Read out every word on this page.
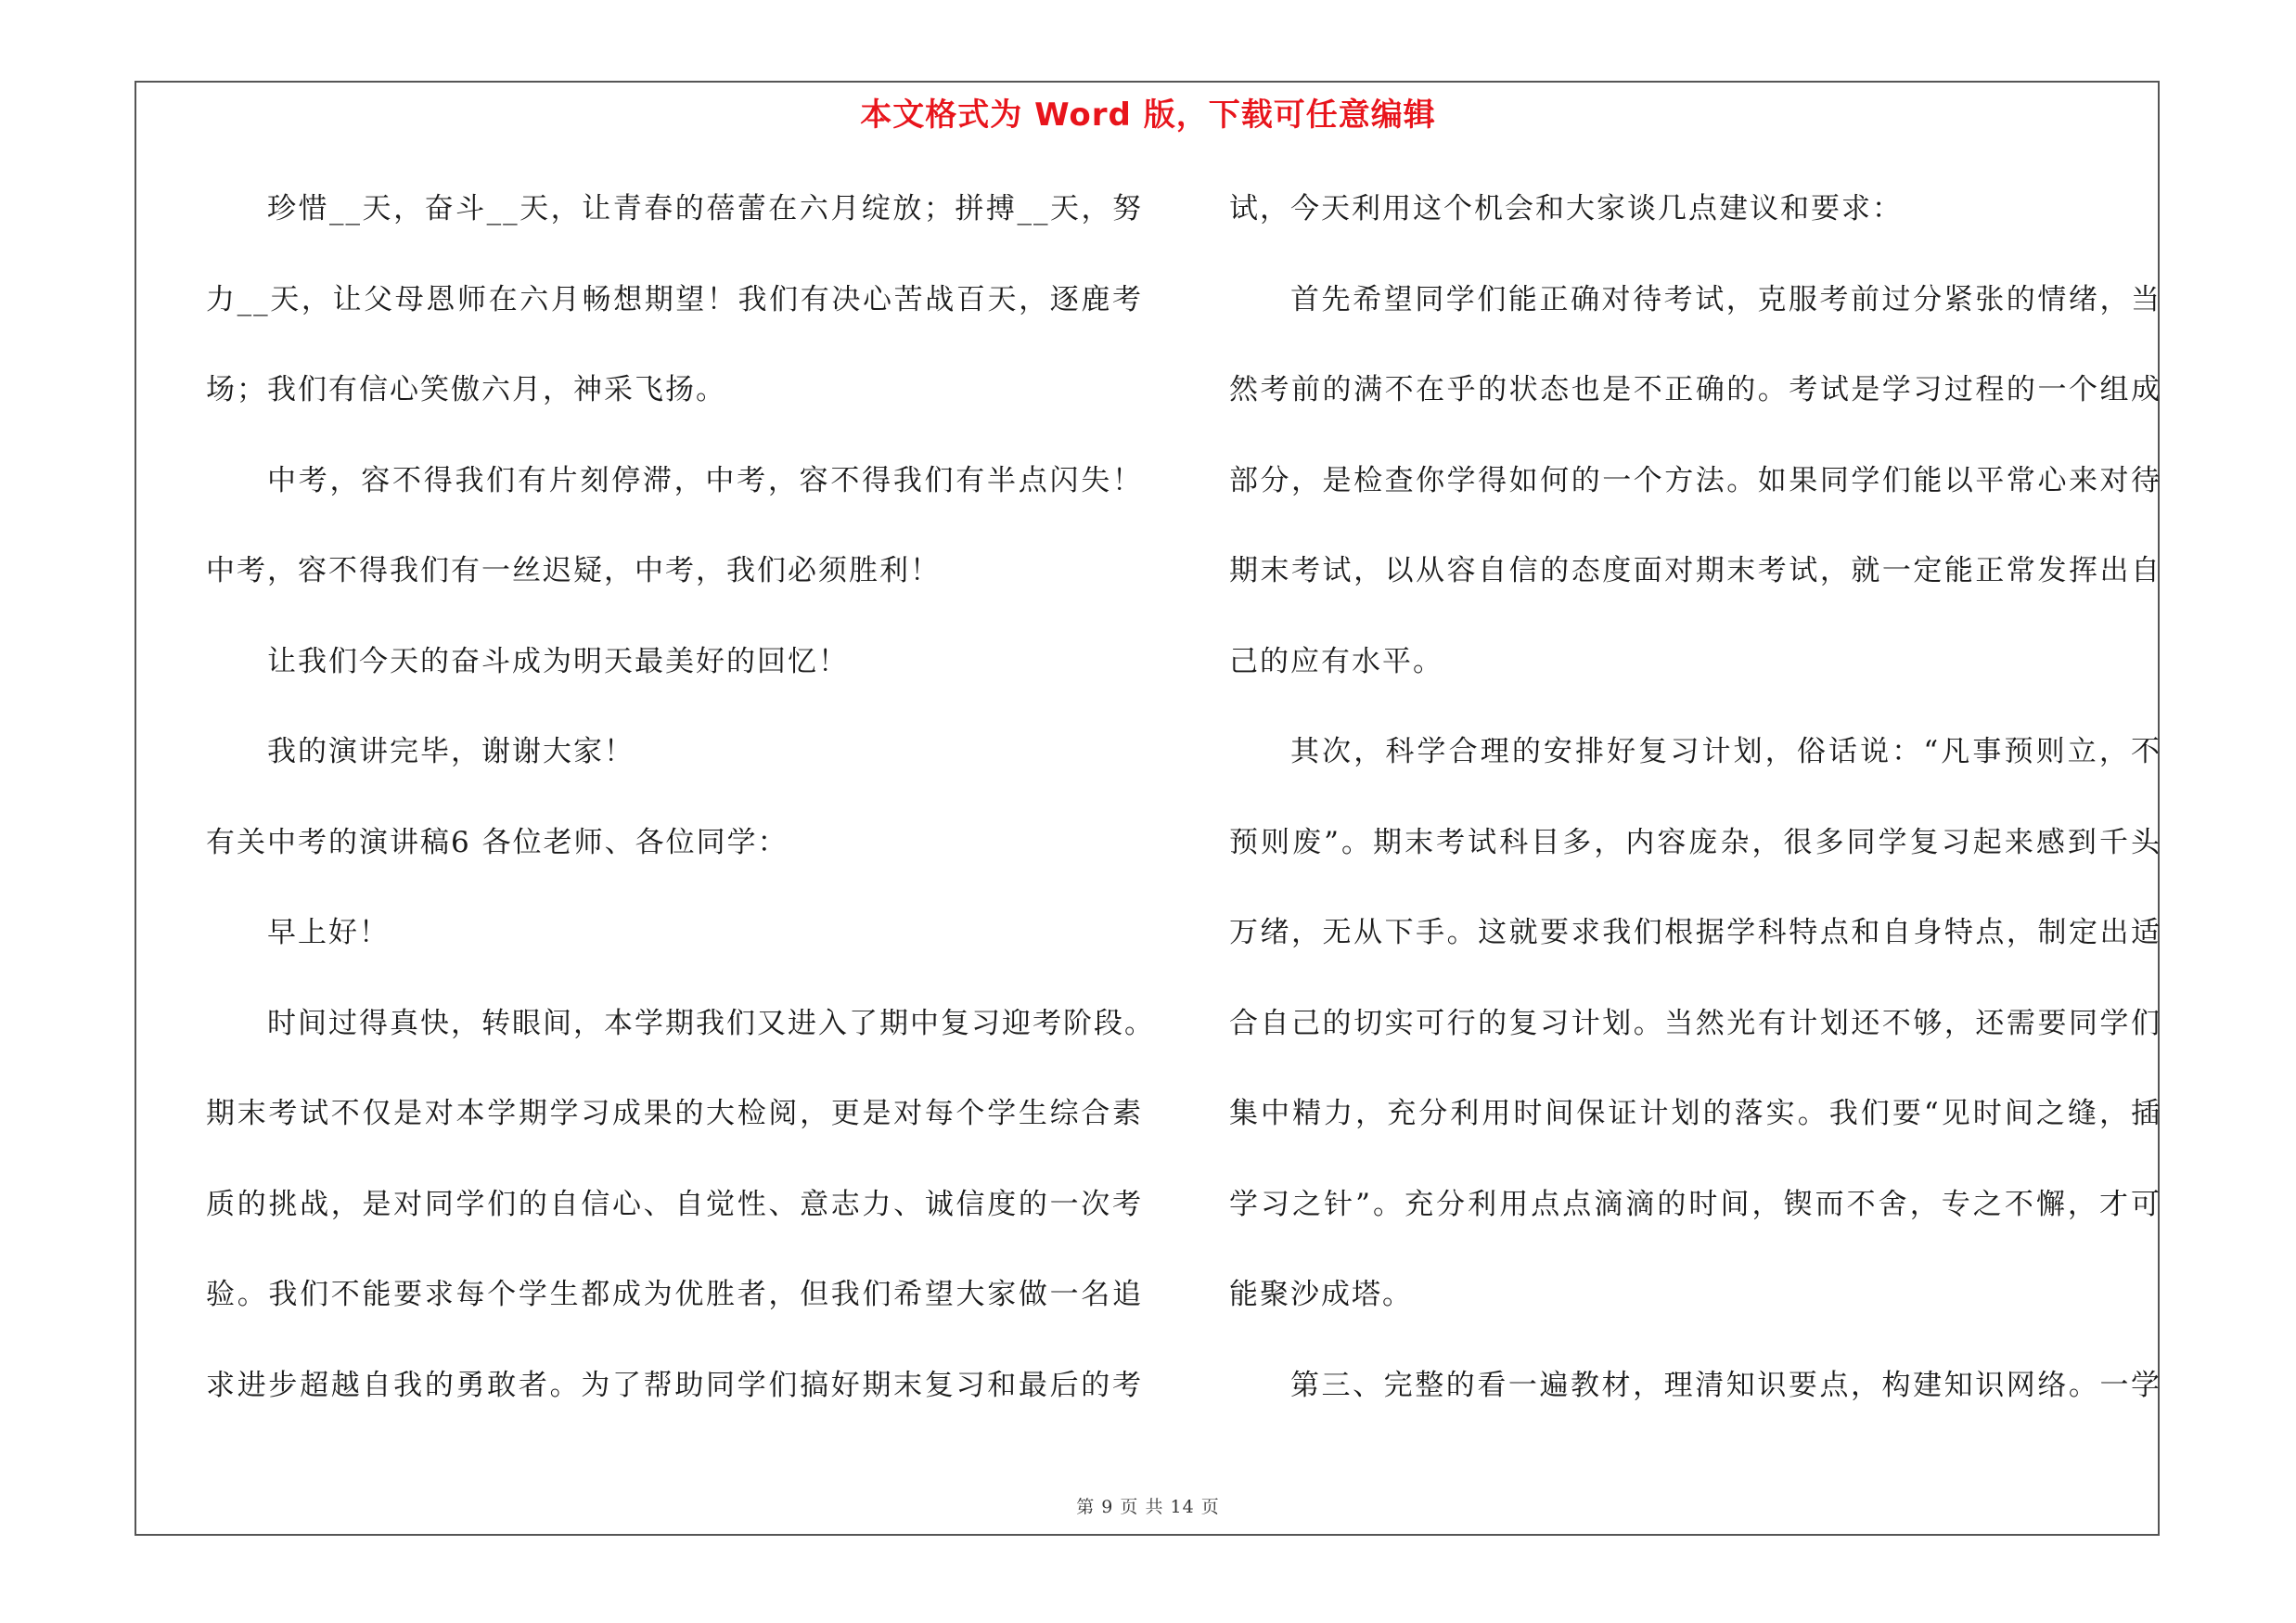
本文格式为 Word 版，下载可任意编辑
珍惜__天，奋斗__天，让青春的蓓蕾在六月绽放；拼搏__天，努
力__天，让父母恩师在六月畅想期望！我们有决心苦战百天，逐鹿考
场；我们有信心笑傲六月，神采飞扬。
中考，容不得我们有片刻停滞，中考，容不得我们有半点闪失！
中考，容不得我们有一丝迟疑，中考，我们必须胜利！
让我们今天的奋斗成为明天最美好的回忆！
我的演讲完毕，谢谢大家！
有关中考的演讲稿6 各位老师、各位同学：
早上好！
时间过得真快，转眼间，本学期我们又进入了期中复习迎考阶段。
期末考试不仅是对本学期学习成果的大检阅，更是对每个学生综合素
质的挑战，是对同学们的自信心、自觉性、意志力、诚信度的一次考
验。我们不能要求每个学生都成为优胜者，但我们希望大家做一名追
求进步超越自我的勇敢者。为了帮助同学们搞好期末复习和最后的考
试，今天利用这个机会和大家谈几点建议和要求：
首先希望同学们能正确对待考试，克服考前过分紧张的情绪，当
然考前的满不在乎的状态也是不正确的。考试是学习过程的一个组成
部分，是检查你学得如何的一个方法。如果同学们能以平常心来对待
期末考试，以从容自信的态度面对期末考试，就一定能正常发挥出自
己的应有水平。
其次，科学合理的安排好复习计划，俗话说：“凡事预则立，不
预则废”。期末考试科目多，内容庞杂，很多同学复习起来感到千头
万绪，无从下手。这就要求我们根据学科特点和自身特点，制定出适
合自己的切实可行的复习计划。当然光有计划还不够，还需要同学们
集中精力，充分利用时间保证计划的落实。我们要“见时间之缝，插
学习之针”。充分利用点点滴滴的时间，锲而不舍，专之不懈，才可
能聚沙成塔。
第三、完整的看一遍教材，理清知识要点，构建知识网络。一学
第 9 页 共 14 页
